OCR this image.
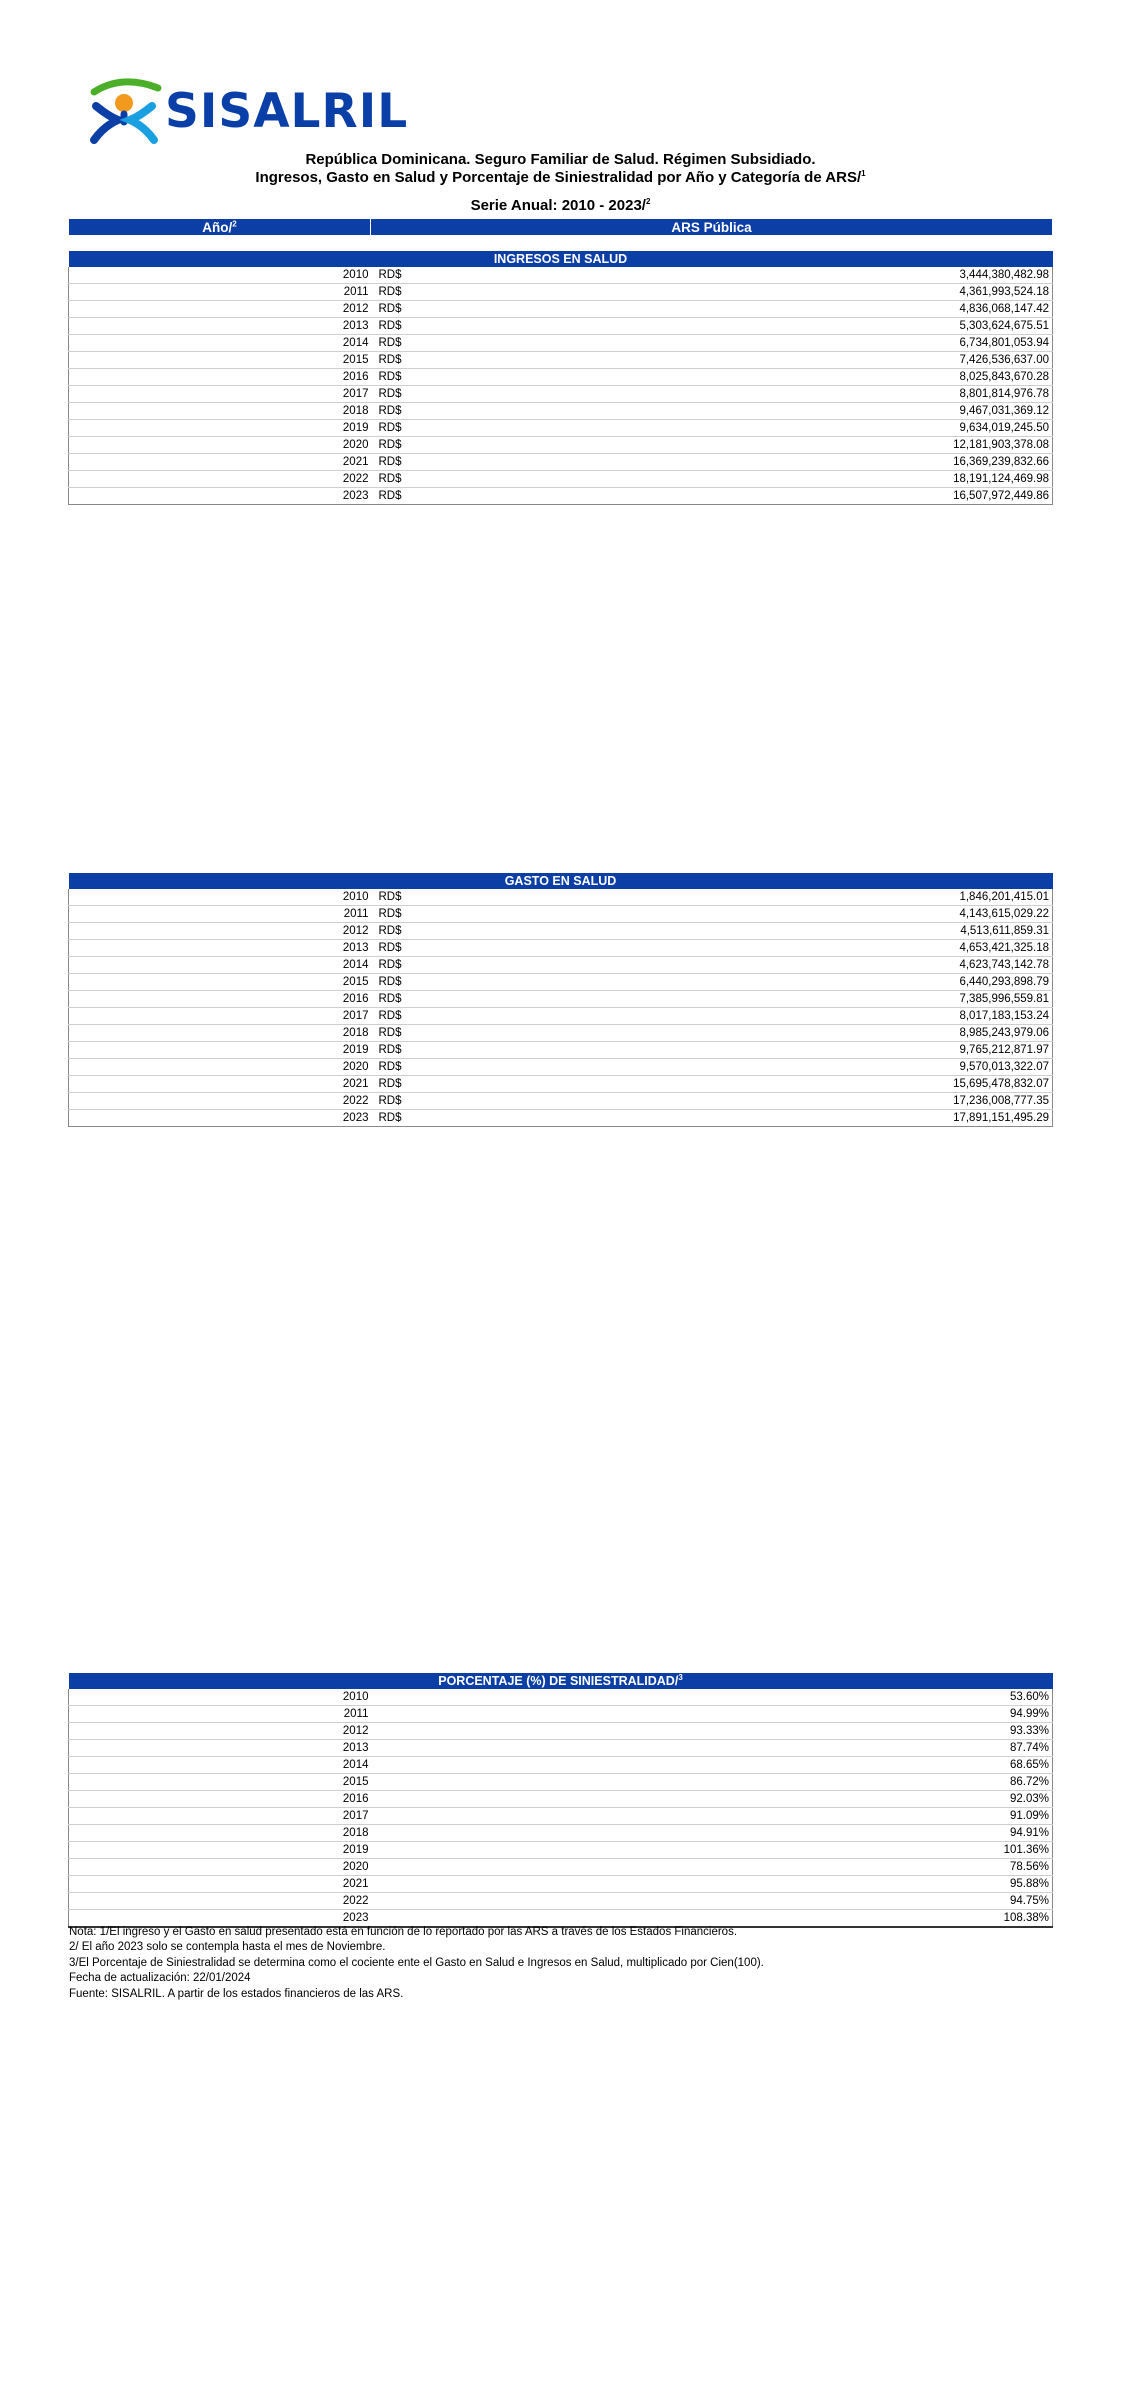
SISALRIL
República Dominicana. Seguro Familiar de Salud. Régimen Subsidiado.
Ingresos, Gasto en Salud y Porcentaje de Siniestralidad por Año y Categoría de ARS/$^1$
Serie Anual: 2010 - 2023/$^2$
Año/$^2$	ARS Pública	

INGRESOS EN SALUD		
2010	RD$	3,444,380,482.98
2011	RD$	4,361,993,524.18
2012	RD$	4,836,068,147.42
2013	RD$	5,303,624,675.51
2014	RD$	6,734,801,053.94
2015	RD$	7,426,536,637.00
2016	RD$	8,025,843,670.28
2017	RD$	8,801,814,976.78
2018	RD$	9,467,031,369.12
2019	RD$	9,634,019,245.50
2020	RD$	12,181,903,378.08
2021	RD$	16,369,239,832.66
2022	RD$	18,191,124,469.98
2023	RD$	16,507,972,449.86
GASTO EN SALUD		
2010	RD$	1,846,201,415.01
2011	RD$	4,143,615,029.22
2012	RD$	4,513,611,859.31
2013	RD$	4,653,421,325.18
2014	RD$	4,623,743,142.78
2015	RD$	6,440,293,898.79
2016	RD$	7,385,996,559.81
2017	RD$	8,017,183,153.24
2018	RD$	8,985,243,979.06
2019	RD$	9,765,212,871.97
2020	RD$	9,570,013,322.07
2021	RD$	15,695,478,832.07
2022	RD$	17,236,008,777.35
2023	RD$	17,891,151,495.29
PORCENTAJE (%) DE SINIESTRALIDAD/$^3$
2010	53.60%
2011	94.99%
2012	93.33%
2013	87.74%
2014	68.65%
2015	86.72%
2016	92.03%
2017	91.09%
2018	94.91%
2019	101.36%
2020	78.56%
2021	95.88%
2022	94.75%
2023	108.38%
Nota: 1/El ingreso y el Gasto en salud presentado está en función de lo reportado por las ARS a través de los Estados Financieros.
2/ El año 2023 solo se contempla hasta el mes de Noviembre.
3/El Porcentaje de Siniestralidad se determina como el cociente ente el Gasto en Salud e Ingresos en Salud, multiplicado por Cien(100).
Fecha de actualización: 22/01/2024
Fuente: SISALRIL. A partir de los estados financieros de las ARS.
